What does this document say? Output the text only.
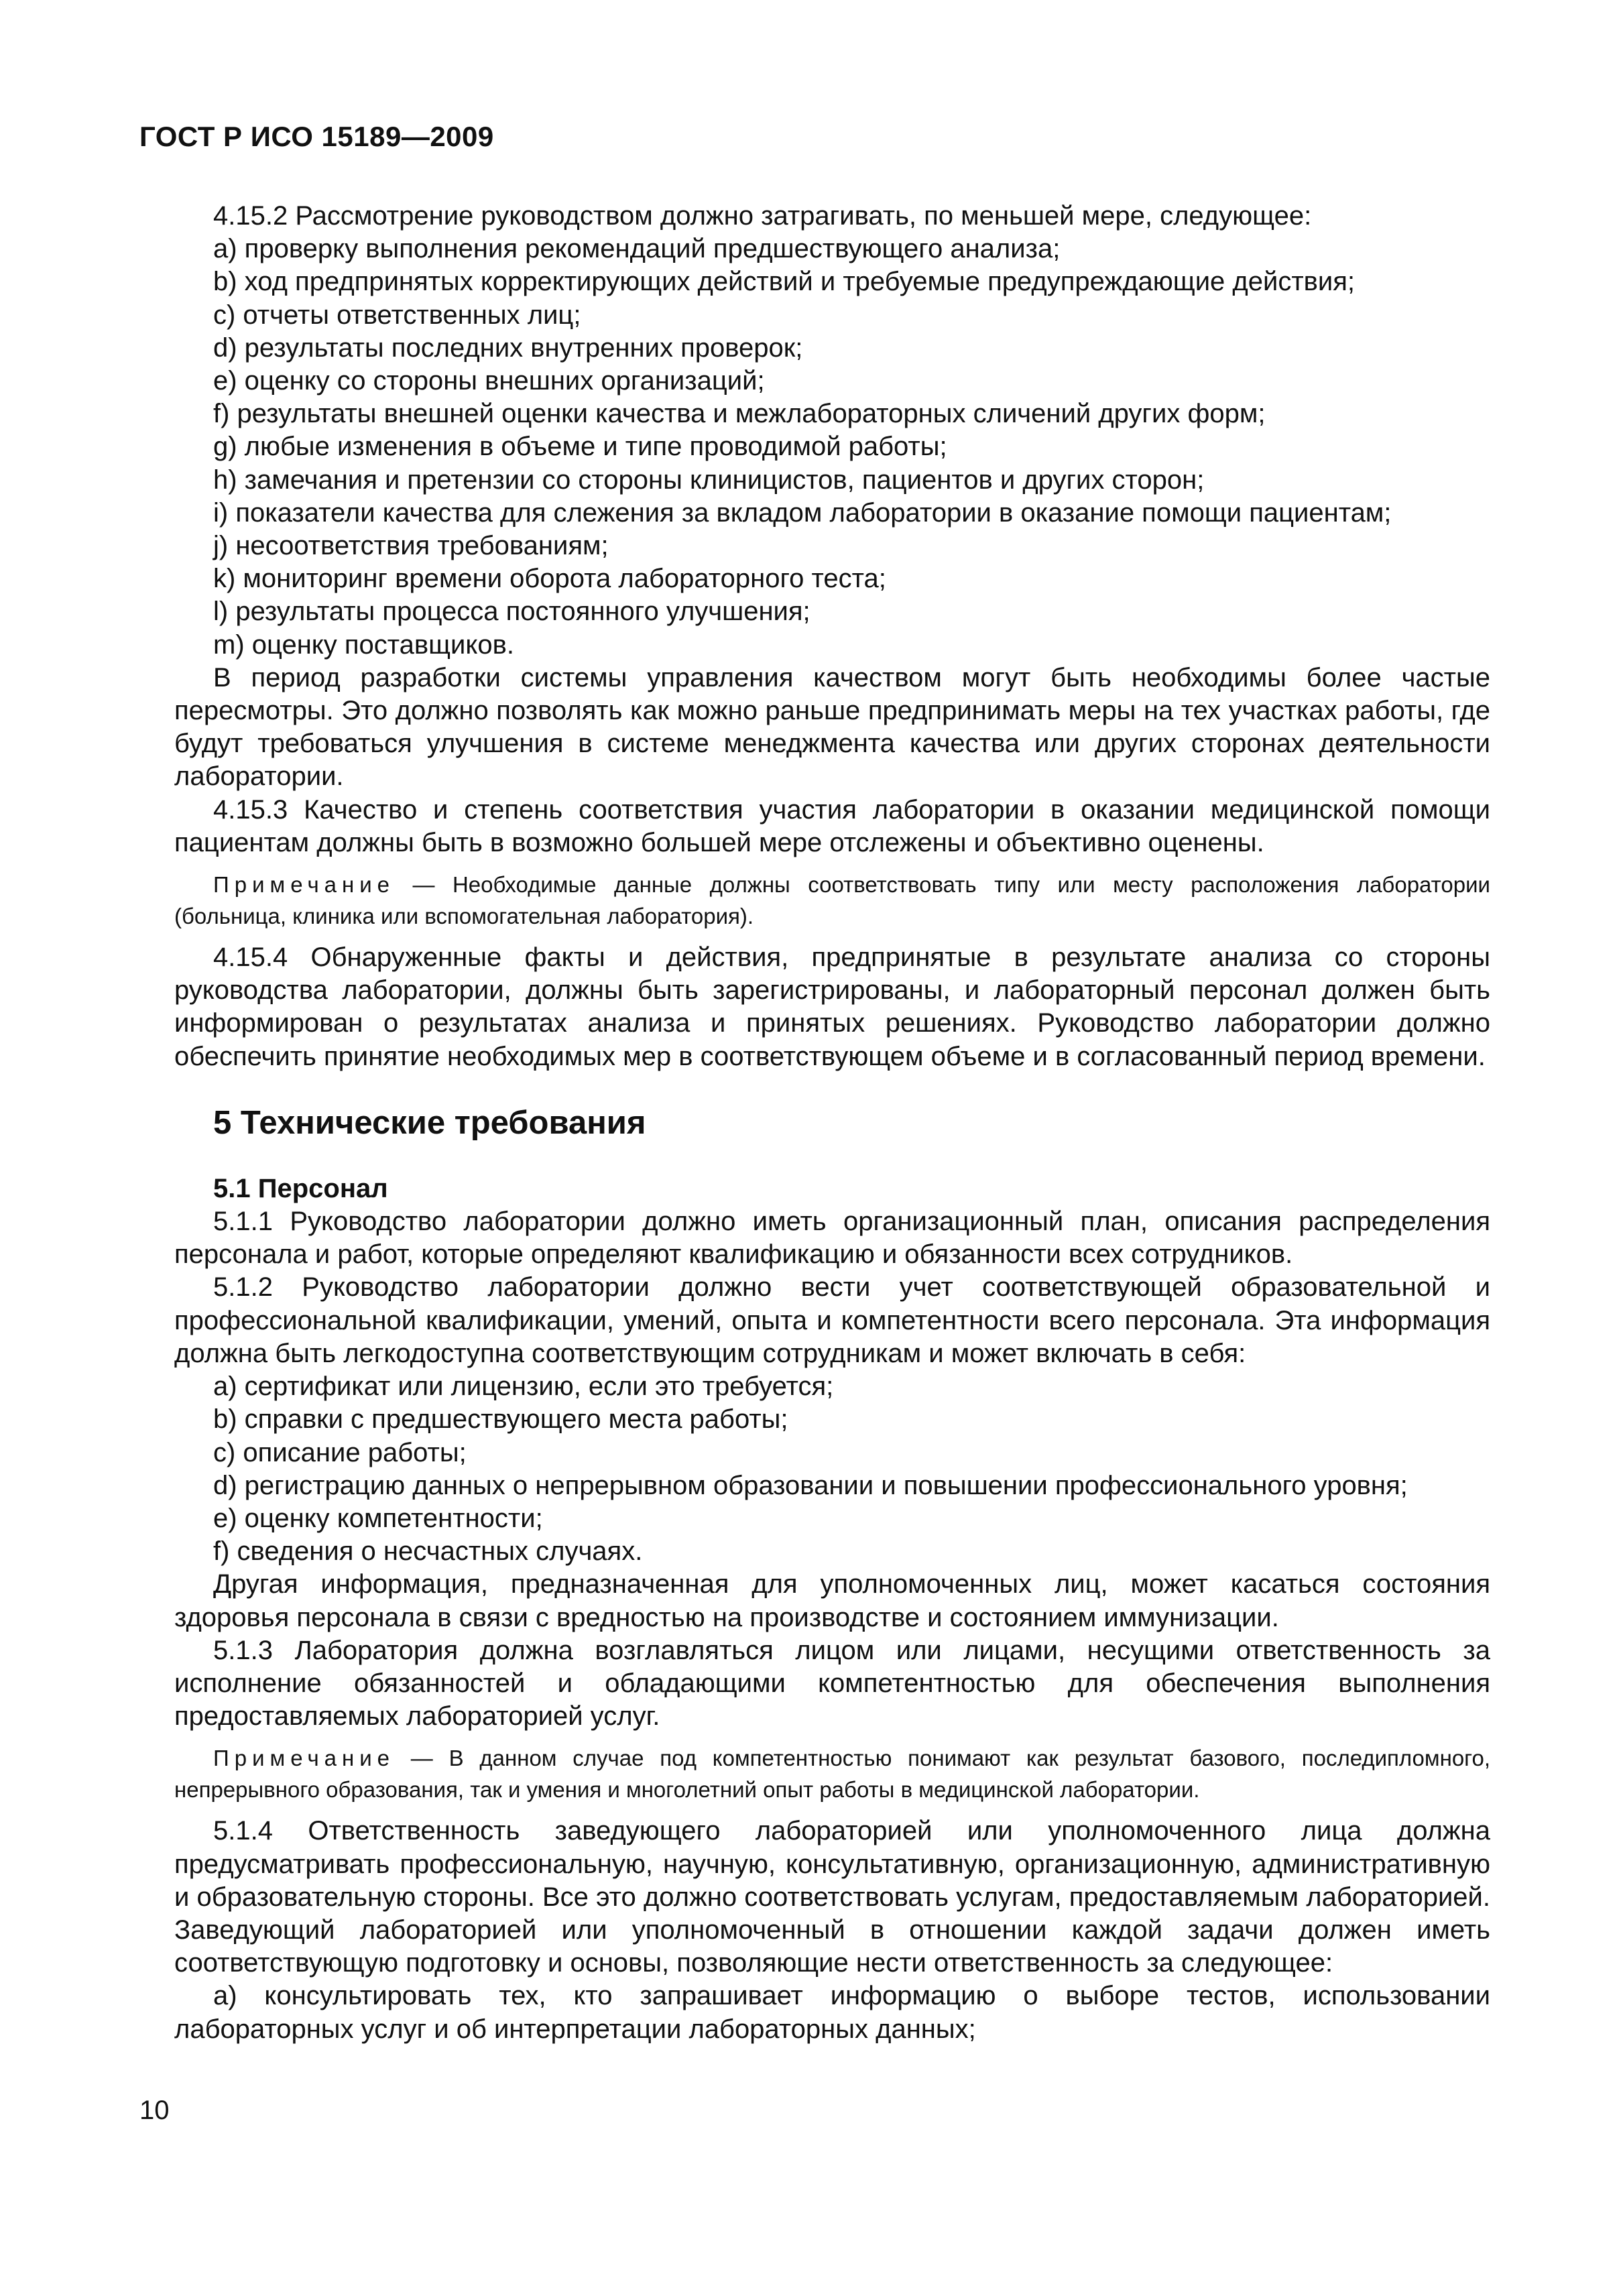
ГОСТ Р ИСО 15189—2009

4.15.2 Рассмотрение руководством должно затрагивать, по меньшей мере, следующее:

a) проверку выполнения рекомендаций предшествующего анализа;

b) ход предпринятых корректирующих действий и требуемые предупреждающие действия;

c) отчеты ответственных лиц;

d) результаты последних внутренних проверок;

e) оценку со стороны внешних организаций;

f) результаты внешней оценки качества и межлабораторных сличений других форм;

g) любые изменения в объеме и типе проводимой работы;

h) замечания и претензии со стороны клиницистов, пациентов и других сторон;

i) показатели качества для слежения за вкладом лаборатории в оказание помощи пациентам;

j) несоответствия требованиям;

k) мониторинг времени оборота лабораторного теста;

l) результаты процесса постоянного улучшения;

m) оценку поставщиков.

В период разработки системы управления качеством могут быть необходимы более частые пересмотры. Это должно позволять как можно раньше предпринимать меры на тех участках работы, где будут требоваться улучшения в системе менеджмента качества или других сторонах деятельности лаборатории.

4.15.3 Качество и степень соответствия участия лаборатории в оказании медицинской помощи пациентам должны быть в возможно большей мере отслежены и объективно оценены.

Примечание — Необходимые данные должны соответствовать типу или месту расположения лаборатории (больница, клиника или вспомогательная лаборатория).

4.15.4 Обнаруженные факты и действия, предпринятые в результате анализа со стороны руководства лаборатории, должны быть зарегистрированы, и лабораторный персонал должен быть информирован о результатах анализа и принятых решениях. Руководство лаборатории должно обеспечить принятие необходимых мер в соответствующем объеме и в согласованный период времени.

5 Технические требования

5.1 Персонал

5.1.1 Руководство лаборатории должно иметь организационный план, описания распределения персонала и работ, которые определяют квалификацию и обязанности всех сотрудников.

5.1.2 Руководство лаборатории должно вести учет соответствующей образовательной и профессиональной квалификации, умений, опыта и компетентности всего персонала. Эта информация должна быть легкодоступна соответствующим сотрудникам и может включать в себя:

a) сертификат или лицензию, если это требуется;

b) справки с предшествующего места работы;

c) описание работы;

d) регистрацию данных о непрерывном образовании и повышении профессионального уровня;

e) оценку компетентности;

f) сведения о несчастных случаях.

Другая информация, предназначенная для уполномоченных лиц, может касаться состояния здоровья персонала в связи с вредностью на производстве и состоянием иммунизации.

5.1.3 Лаборатория должна возглавляться лицом или лицами, несущими ответственность за исполнение обязанностей и обладающими компетентностью для обеспечения выполнения предоставляемых лабораторией услуг.

Примечание — В данном случае под компетентностью понимают как результат базового, последипломного, непрерывного образования, так и умения и многолетний опыт работы в медицинской лаборатории.

5.1.4 Ответственность заведующего лабораторией или уполномоченного лица должна предусматривать профессиональную, научную, консультативную, организационную, административную и образовательную стороны. Все это должно соответствовать услугам, предоставляемым лабораторией. Заведующий лабораторией или уполномоченный в отношении каждой задачи должен иметь соответствующую подготовку и основы, позволяющие нести ответственность за следующее:

a) консультировать тех, кто запрашивает информацию о выборе тестов, использовании лабораторных услуг и об интерпретации лабораторных данных;

10
